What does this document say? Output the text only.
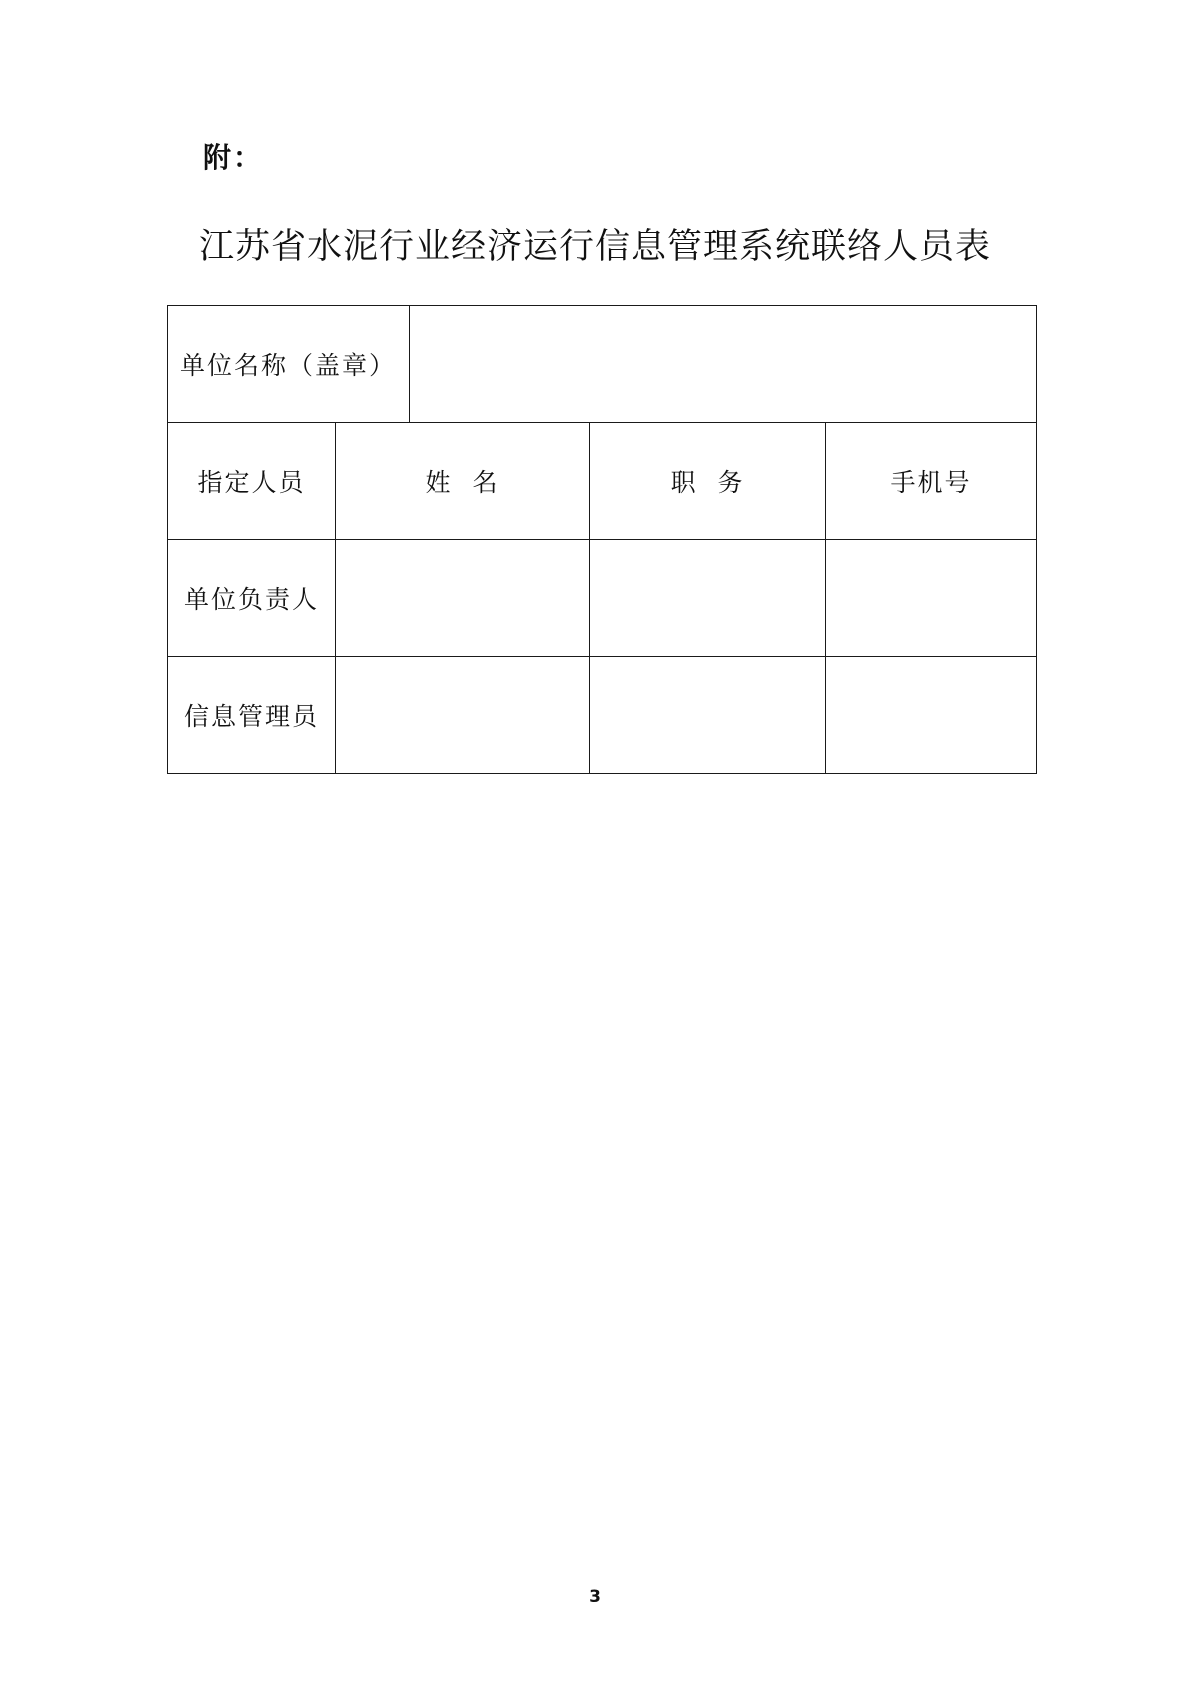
附：
江苏省水泥行业经济运行信息管理系统联络人员表
单位名称（盖章）				
指定人员	姓  名		职  务	手机号
单位负责人				
信息管理员				
3
